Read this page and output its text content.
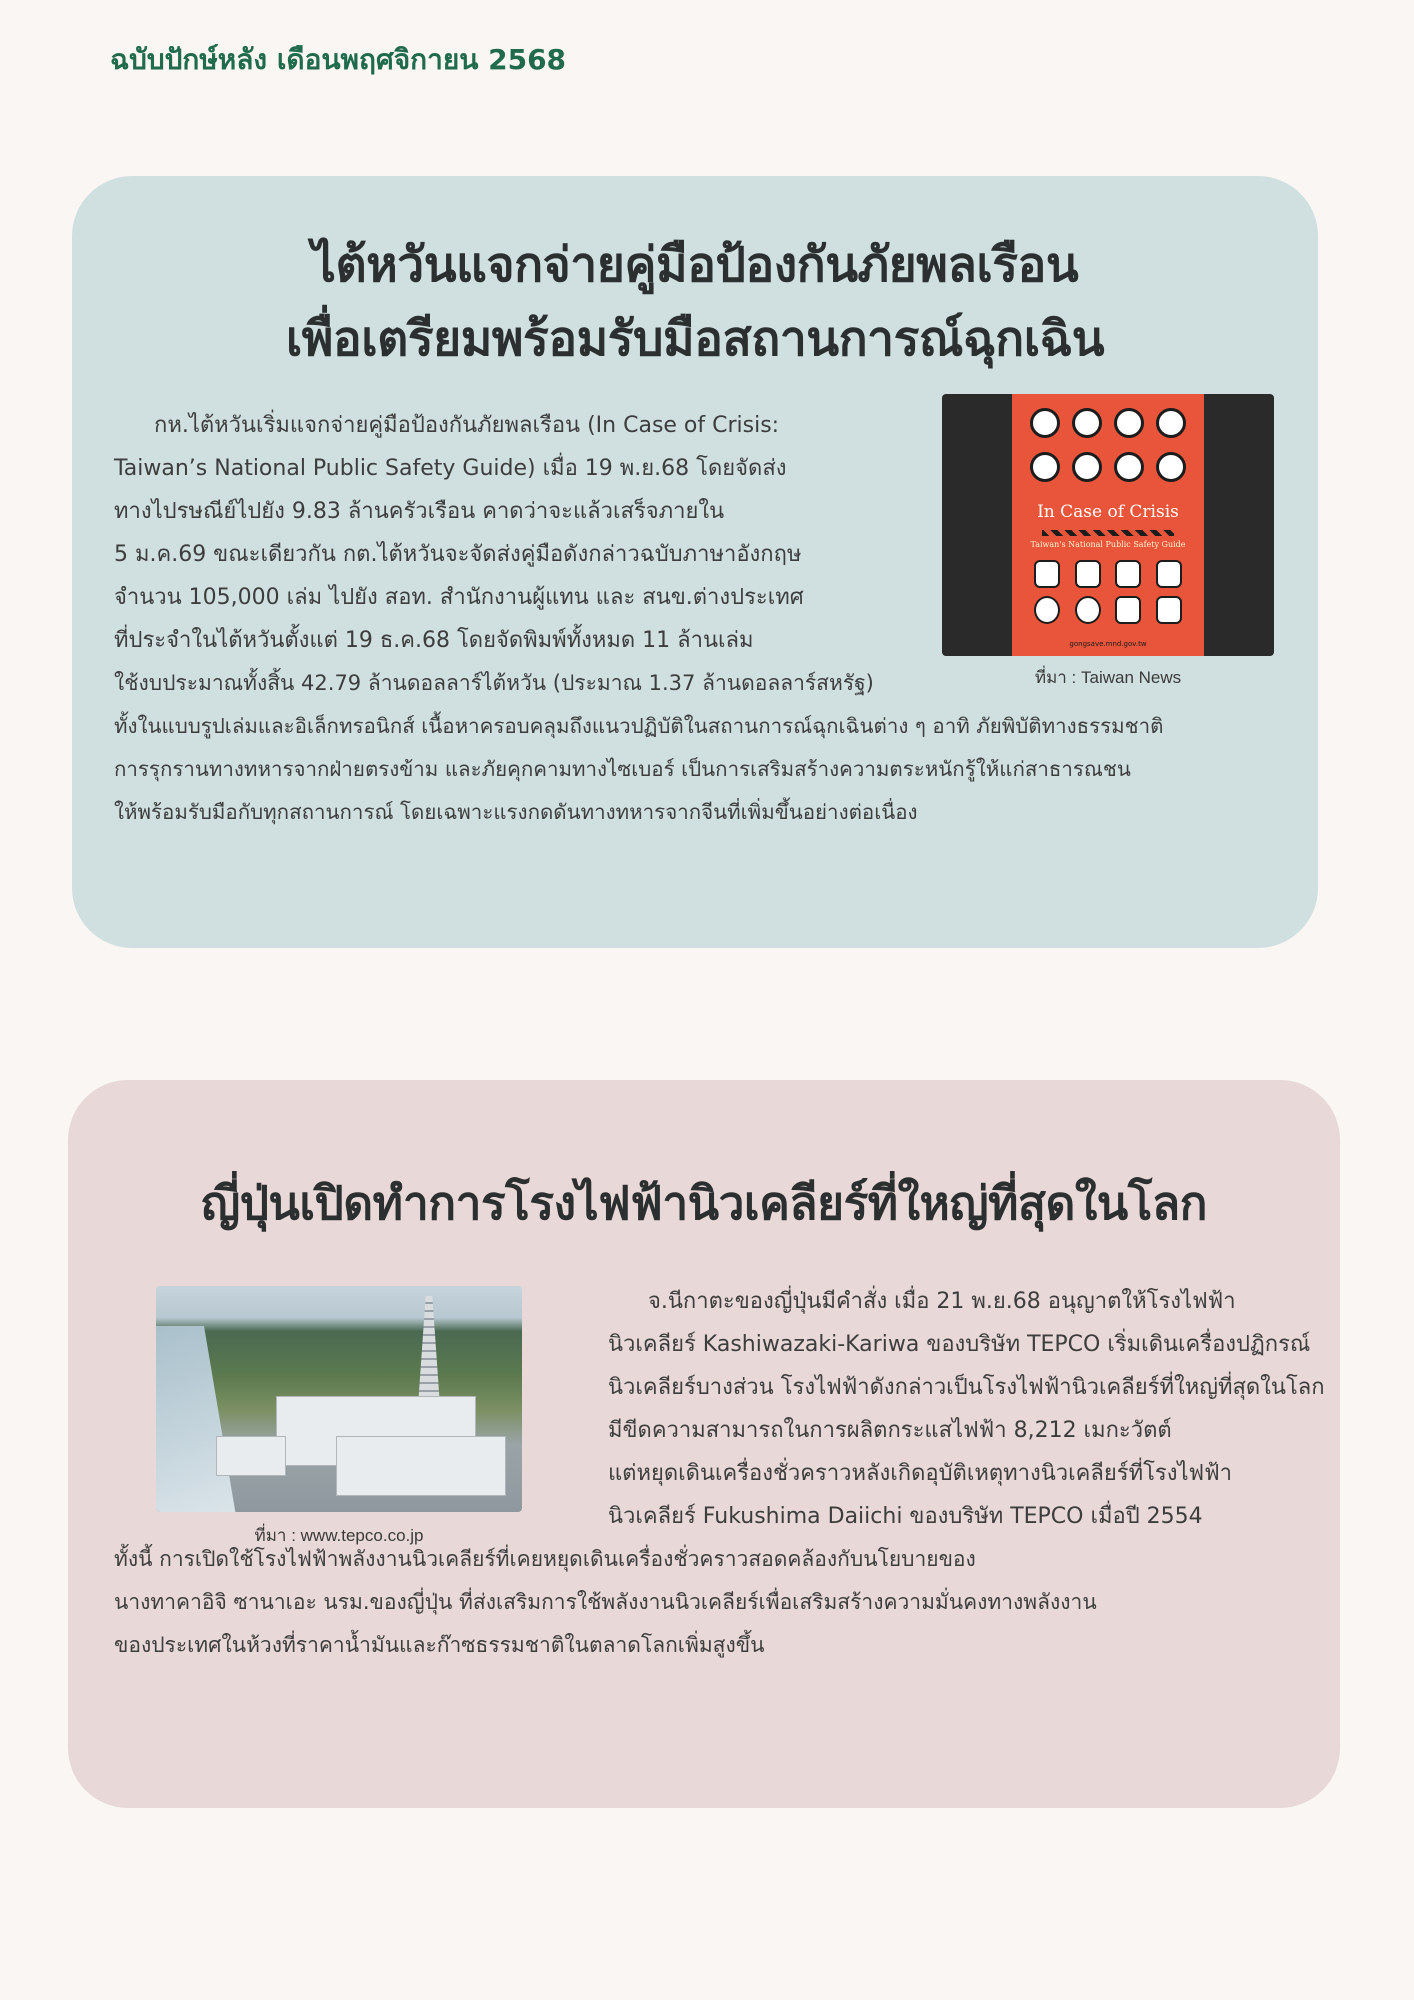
ฉบับปักษ์หลัง เดือนพฤศจิกายน 2568
ไต้หวันแจกจ่ายคู่มือป้องกันภัยพลเรือน
เพื่อเตรียมพร้อมรับมือสถานการณ์ฉุกเฉิน
กห.ไต้หวันเริ่มแจกจ่ายคู่มือป้องกันภัยพลเรือน (In Case of Crisis:
Taiwan’s National Public Safety Guide) เมื่อ 19 พ.ย.68 โดยจัดส่ง
ทางไปรษณีย์ไปยัง 9.83 ล้านครัวเรือน คาดว่าจะแล้วเสร็จภายใน
5 ม.ค.69 ขณะเดียวกัน กต.ไต้หวันจะจัดส่งคู่มือดังกล่าวฉบับภาษาอังกฤษ
จำนวน 105,000 เล่ม ไปยัง สอท. สำนักงานผู้แทน และ สนข.ต่างประเทศ
ที่ประจำในไต้หวันตั้งแต่ 19 ธ.ค.68 โดยจัดพิมพ์ทั้งหมด 11 ล้านเล่ม
ใช้งบประมาณทั้งสิ้น 42.79 ล้านดอลลาร์ไต้หวัน (ประมาณ 1.37 ล้านดอลลาร์สหรัฐ)
ทั้งในแบบรูปเล่มและอิเล็กทรอนิกส์ เนื้อหาครอบคลุมถึงแนวปฏิบัติในสถานการณ์ฉุกเฉินต่าง ๆ อาทิ ภัยพิบัติทางธรรมชาติ
การรุกรานทางทหารจากฝ่ายตรงข้าม และภัยคุกคามทางไซเบอร์ เป็นการเสริมสร้างความตระหนักรู้ให้แก่สาธารณชน
ให้พร้อมรับมือกับทุกสถานการณ์ โดยเฉพาะแรงกดดันทางทหารจากจีนที่เพิ่มขึ้นอย่างต่อเนื่อง
In Case of Crisis
Taiwan's National Public Safety Guide
gongsave.mnd.gov.tw
ที่มา : Taiwan News
ญี่ปุ่นเปิดทำการโรงไฟฟ้านิวเคลียร์ที่ใหญ่ที่สุดในโลก
ที่มา : www.tepco.co.jp
จ.นีกาตะของญี่ปุ่นมีคำสั่ง เมื่อ 21 พ.ย.68 อนุญาตให้โรงไฟฟ้า
นิวเคลียร์ Kashiwazaki-Kariwa ของบริษัท TEPCO เริ่มเดินเครื่องปฏิกรณ์
นิวเคลียร์บางส่วน โรงไฟฟ้าดังกล่าวเป็นโรงไฟฟ้านิวเคลียร์ที่ใหญ่ที่สุดในโลก
มีขีดความสามารถในการผลิตกระแสไฟฟ้า 8,212 เมกะวัตต์
แต่หยุดเดินเครื่องชั่วคราวหลังเกิดอุบัติเหตุทางนิวเคลียร์ที่โรงไฟฟ้า
นิวเคลียร์ Fukushima Daiichi ของบริษัท TEPCO เมื่อปี 2554
ทั้งนี้ การเปิดใช้โรงไฟฟ้าพลังงานนิวเคลียร์ที่เคยหยุดเดินเครื่องชั่วคราวสอดคล้องกับนโยบายของ
นางทาคาอิจิ ซานาเอะ นรม.ของญี่ปุ่น ที่ส่งเสริมการใช้พลังงานนิวเคลียร์เพื่อเสริมสร้างความมั่นคงทางพลังงาน
ของประเทศในห้วงที่ราคาน้ำมันและก๊าซธรรมชาติในตลาดโลกเพิ่มสูงขึ้น
